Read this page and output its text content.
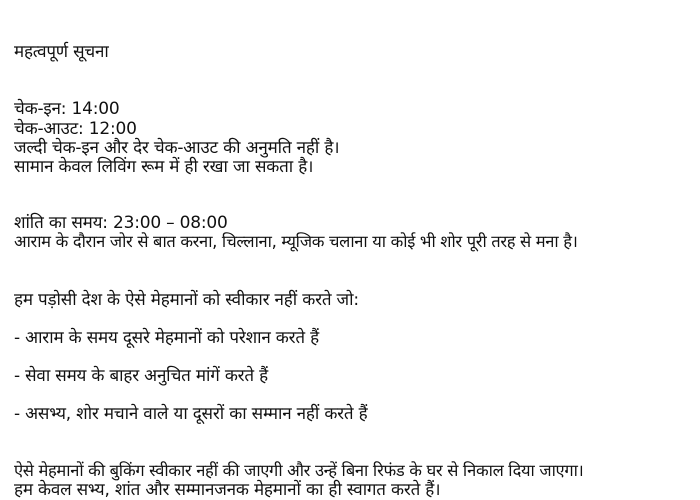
महत्वपूर्ण सूचना
चेक-इन: 14:00
चेक-आउट: 12:00
जल्दी चेक-इन और देर चेक-आउट की अनुमति नहीं है।
सामान केवल लिविंग रूम में ही रखा जा सकता है।
शांति का समय: 23:00 – 08:00
आराम के दौरान जोर से बात करना, चिल्लाना, म्यूजिक चलाना या कोई भी शोर पूरी तरह से मना है।
हम पड़ोसी देश के ऐसे मेहमानों को स्वीकार नहीं करते जो:
- आराम के समय दूसरे मेहमानों को परेशान करते हैं
- सेवा समय के बाहर अनुचित मांगें करते हैं
- असभ्य, शोर मचाने वाले या दूसरों का सम्मान नहीं करते हैं
ऐसे मेहमानों की बुकिंग स्वीकार नहीं की जाएगी और उन्हें बिना रिफंड के घर से निकाल दिया जाएगा।
हम केवल सभ्य, शांत और सम्मानजनक मेहमानों का ही स्वागत करते हैं।
